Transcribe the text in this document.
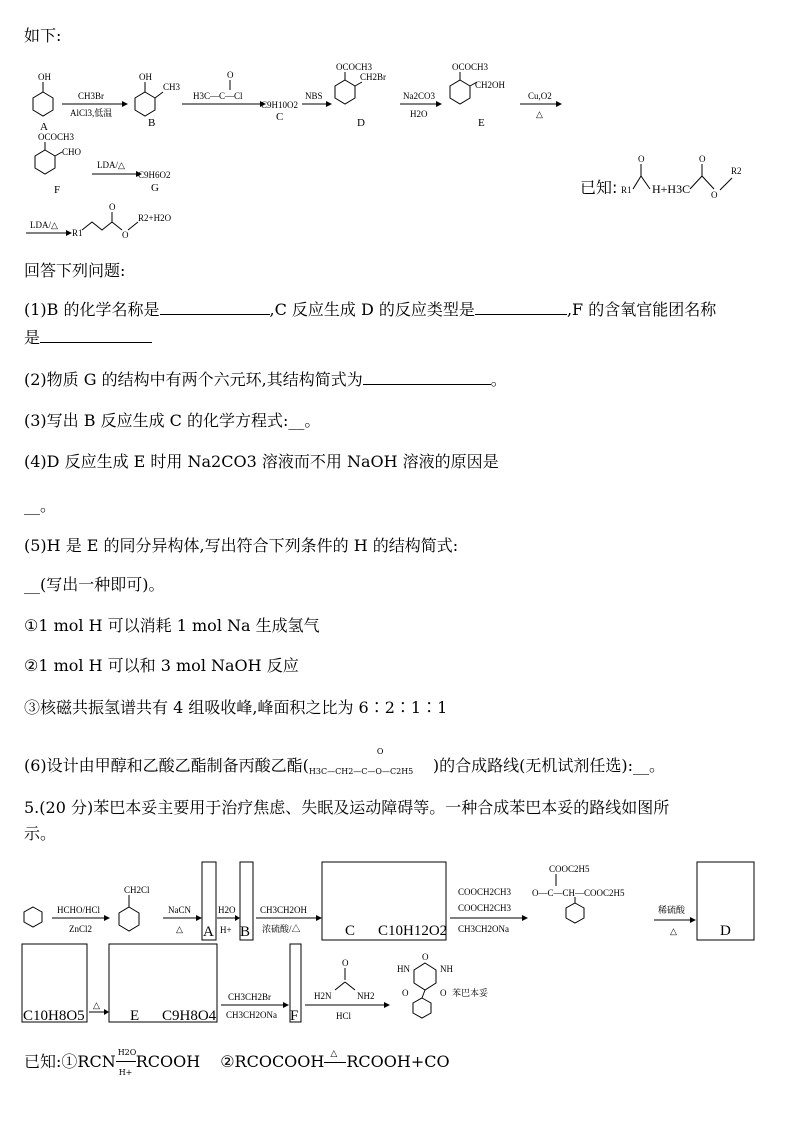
如下:
OH
A
CH3Br
AlCl3,低温
OH
CH3
B
O
H3C—C—Cl
C9H10O2
C
NBS
OCOCH3
CH2Br
D
Na2CO3
H2O
OCOCH3
CH2OH
E
Cu,O2
△
OCOCH3
CHO
F
LDA/△
C9H6O2
G	已知: R1
O
H+H3C
O
O
R2
LDA/△
R1
O
O
R2+H2O
回答下列问题:
(1)B 的化学名称是	,C 反应生成 D 的反应类型是	,F 的含氧官能团名称
是
(2)物质 G 的结构中有两个六元环,其结构简式为	。
(3)写出 B 反应生成 C 的化学方程式:__。
(4)D 反应生成 E 时用 Na2CO3 溶液而不用 NaOH 溶液的原因是
__。
(5)H 是 E 的同分异构体,写出符合下列条件的 H 的结构简式:
__(写出一种即可)。
①1 mol H 可以消耗 1 mol Na 生成氢气
②1 mol H 可以和 3 mol NaOH 反应
③核磁共振氢谱共有 4 组吸收峰,峰面积之比为 6∶2∶1∶1
(6)设计由甲醇和乙酸乙酯制备丙酸乙酯( H3C—CH2—C—O—C2H5
O
)的合成路线(无机试剂任选):__。
5.(20 分)苯巴本妥主要用于治疗焦虑、失眠及运动障碍等。一种合成苯巴本妥的路线如图所
示。
HCHO/HCl
ZnCl2
CH2Cl
NaCN
△ A
H2O
H+ B
CH3CH2OH
浓硫酸/△	C C10H12O2
COOCH2CH3
COOCH2CH3
CH3CH2ONa
COOC2H5
O—C—CH—COOC2H5
稀硫酸
△	D
C10H8O5
△
E C9H8O4
CH3CH2Br
CH3CH2ONa F
O
H2N	NH2
HCl
O
HN	NH
O	O 苯巴本妥
已知:①RCN $\frac{H2O}{H+}$ RCOOH ②RCOCOOH △ RCOOH+CO
